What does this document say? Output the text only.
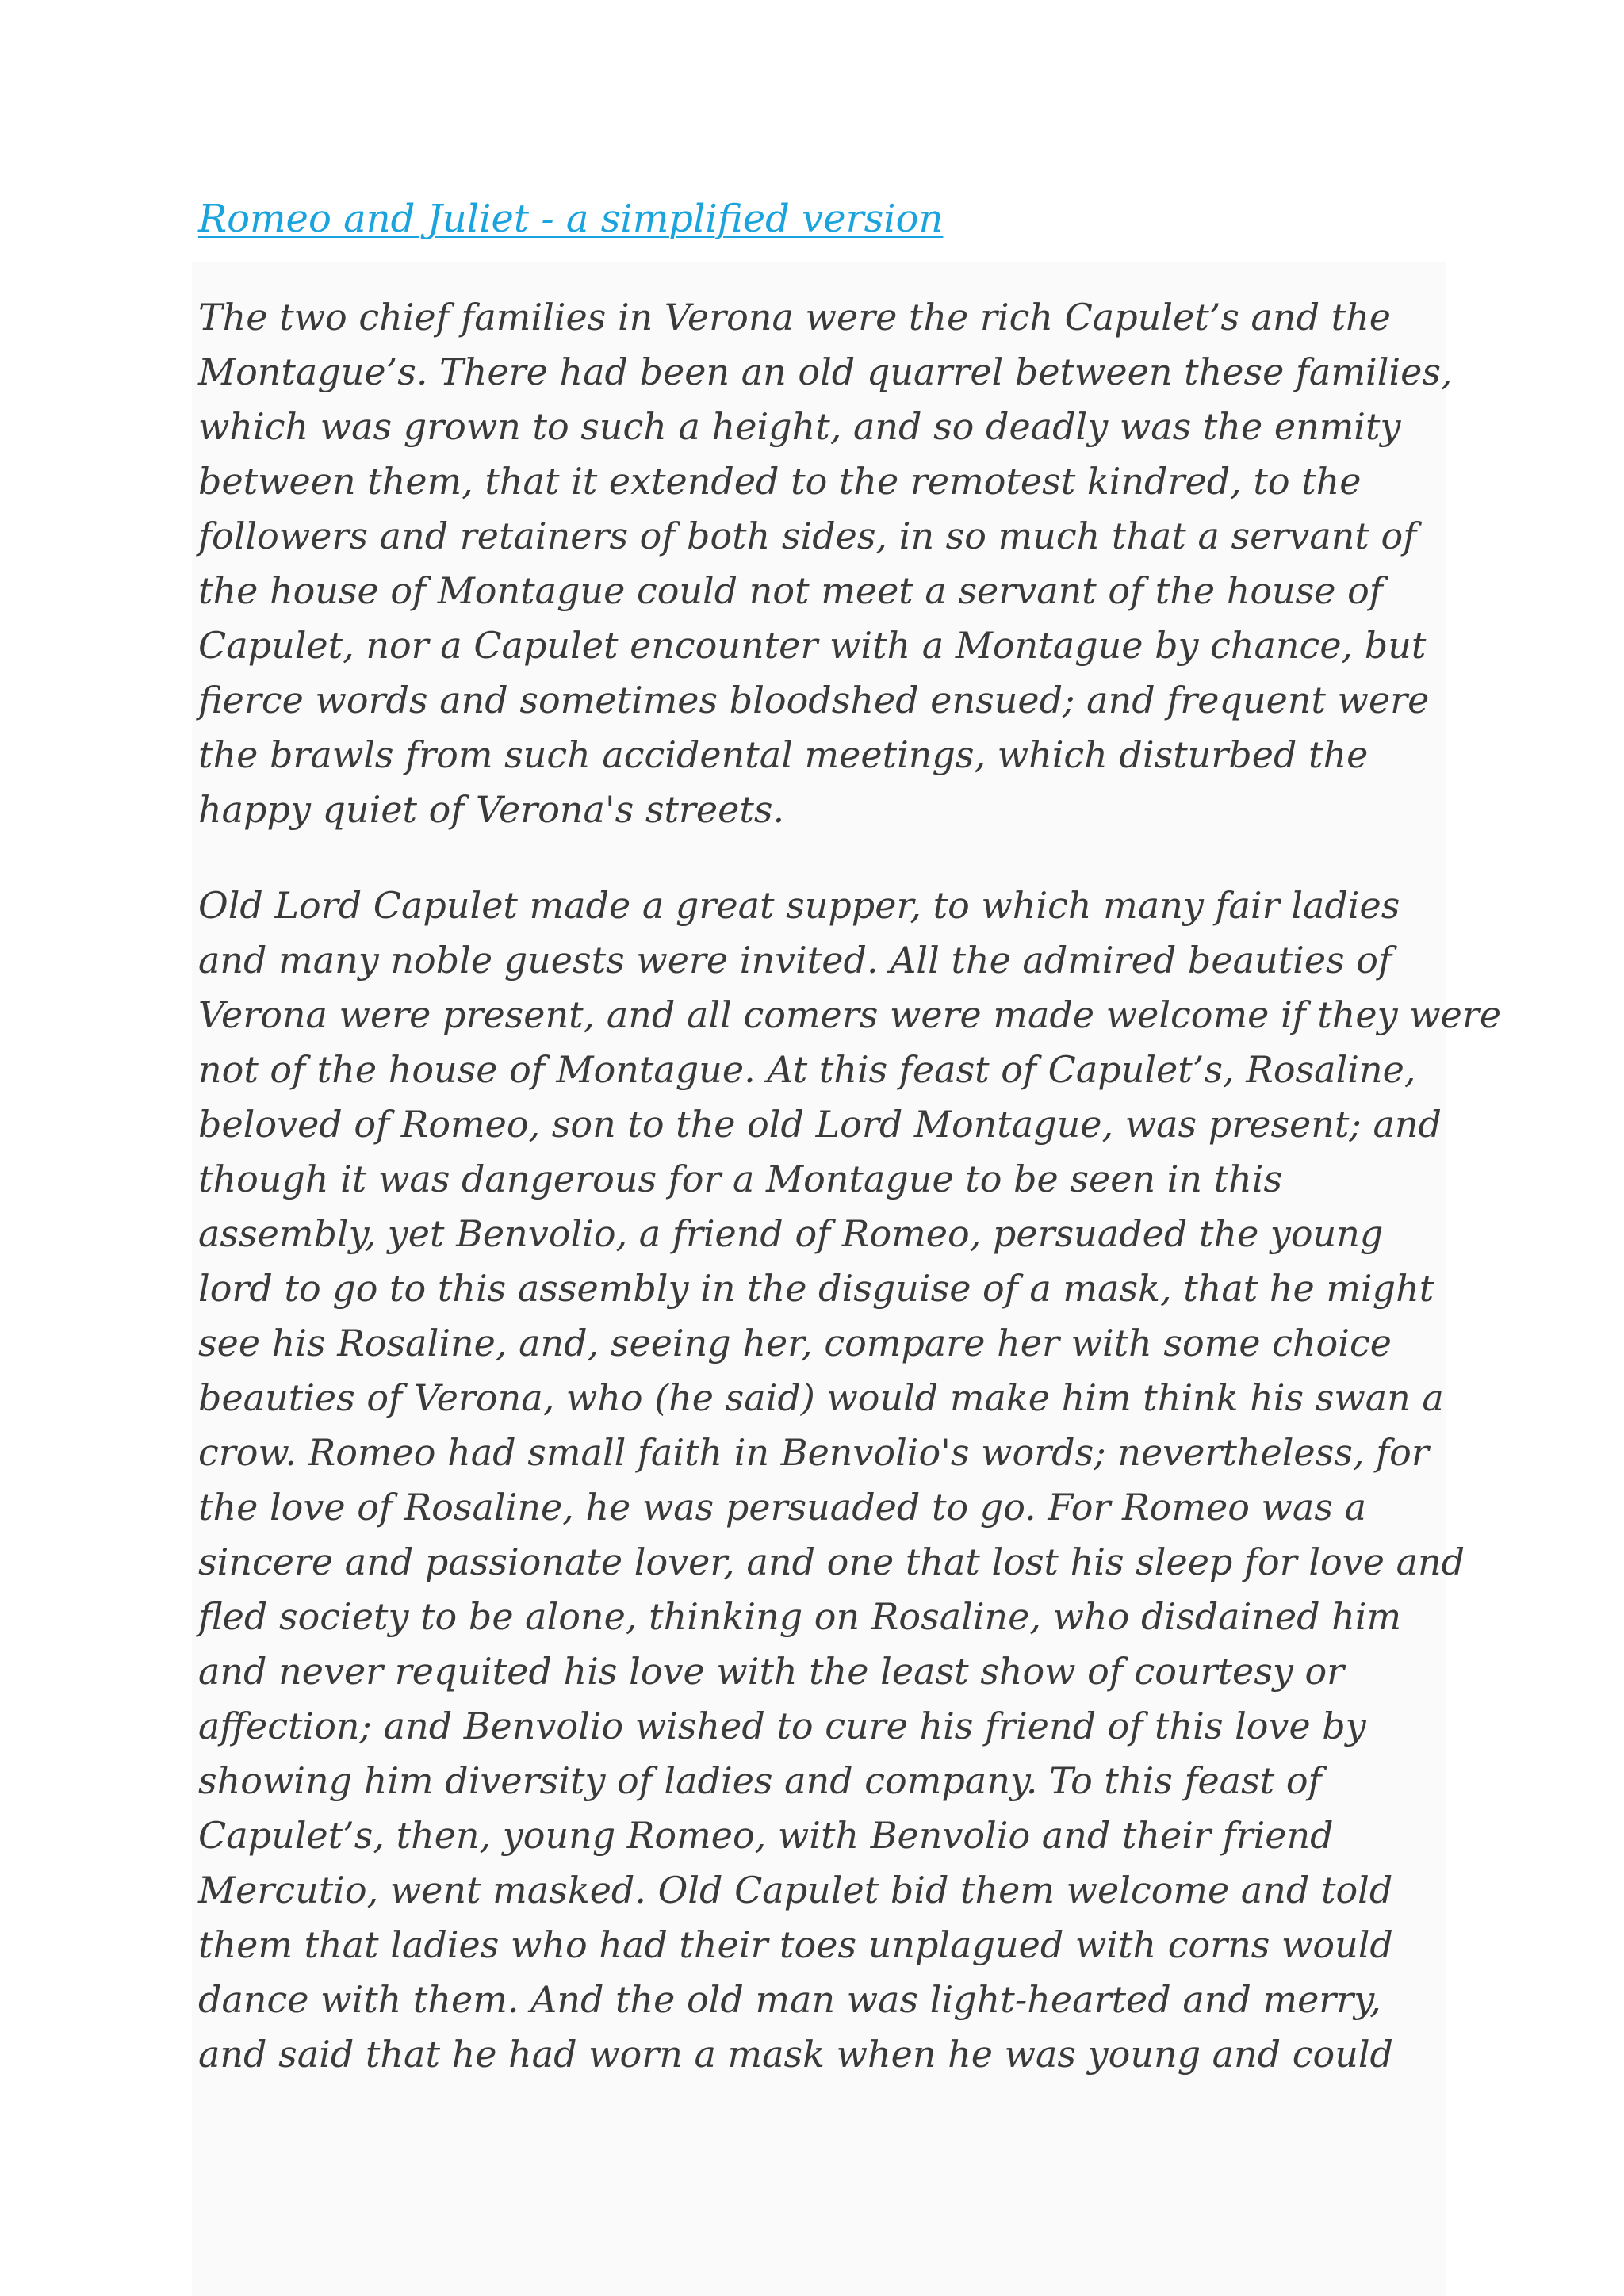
Romeo and Juliet - a simplified version

The two chief families in Verona were the rich Capulet’s and the
Montague’s. There had been an old quarrel between these families,
which was grown to such a height, and so deadly was the enmity
between them, that it extended to the remotest kindred, to the
followers and retainers of both sides, in so much that a servant of
the house of Montague could not meet a servant of the house of
Capulet, nor a Capulet encounter with a Montague by chance, but
fierce words and sometimes bloodshed ensued; and frequent were
the brawls from such accidental meetings, which disturbed the
happy quiet of Verona's streets.

Old Lord Capulet made a great supper, to which many fair ladies
and many noble guests were invited. All the admired beauties of
Verona were present, and all comers were made welcome if they were
not of the house of Montague. At this feast of Capulet’s, Rosaline,
beloved of Romeo, son to the old Lord Montague, was present; and
though it was dangerous for a Montague to be seen in this
assembly, yet Benvolio, a friend of Romeo, persuaded the young
lord to go to this assembly in the disguise of a mask, that he might
see his Rosaline, and, seeing her, compare her with some choice
beauties of Verona, who (he said) would make him think his swan a
crow. Romeo had small faith in Benvolio's words; nevertheless, for
the love of Rosaline, he was persuaded to go. For Romeo was a
sincere and passionate lover, and one that lost his sleep for love and
fled society to be alone, thinking on Rosaline, who disdained him
and never requited his love with the least show of courtesy or
affection; and Benvolio wished to cure his friend of this love by
showing him diversity of ladies and company. To this feast of
Capulet’s, then, young Romeo, with Benvolio and their friend
Mercutio, went masked. Old Capulet bid them welcome and told
them that ladies who had their toes unplagued with corns would
dance with them. And the old man was light-hearted and merry,
and said that he had worn a mask when he was young and could
